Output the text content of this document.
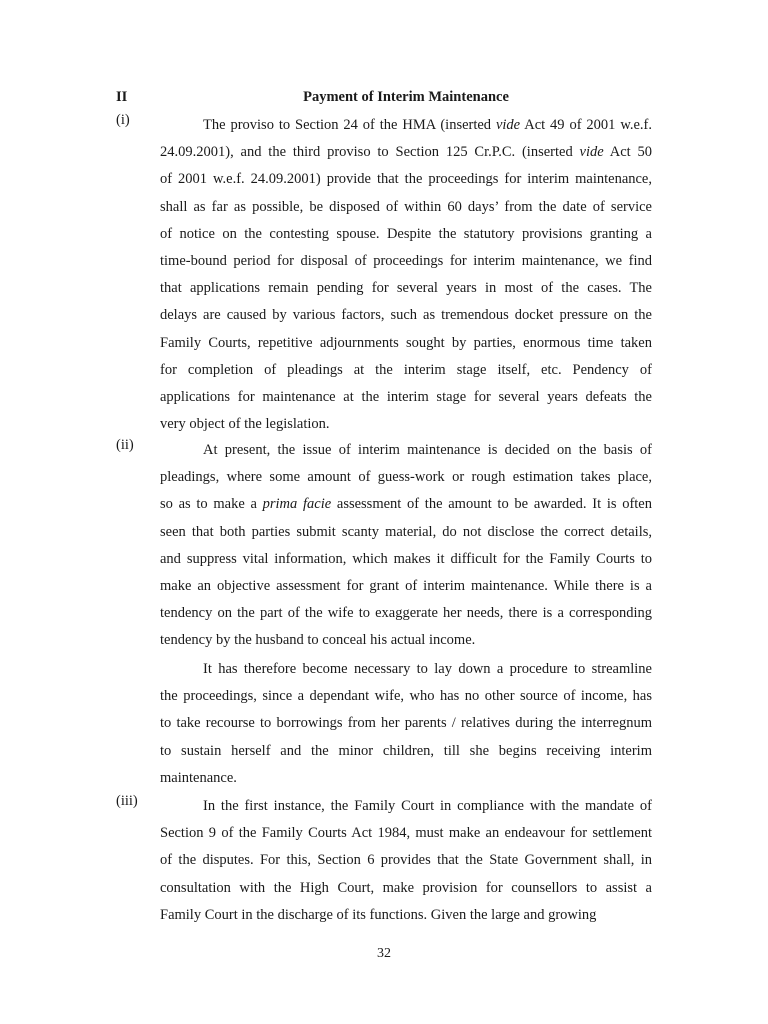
II	Payment of Interim Maintenance
(i)	The proviso to Section 24 of the HMA (inserted vide Act 49 of 2001 w.e.f.
24.09.2001), and the third proviso to Section 125 Cr.P.C. (inserted vide Act 50
of 2001 w.e.f. 24.09.2001) provide that the proceedings for interim maintenance,
shall as far as possible, be disposed of within 60 days’ from the date of service
of notice on the contesting spouse. Despite the statutory provisions granting a
time-bound period for disposal of proceedings for interim maintenance, we find
that applications remain pending for several years in most of the cases. The
delays are caused by various factors, such as tremendous docket pressure on the
Family Courts, repetitive adjournments sought by parties, enormous time taken
for completion of pleadings at the interim stage itself, etc. Pendency of
applications for maintenance at the interim stage for several years defeats the
very object of the legislation.
(ii)	At present, the issue of interim maintenance is decided on the basis of
pleadings, where some amount of guess-work or rough estimation takes place,
so as to make a prima facie assessment of the amount to be awarded. It is often
seen that both parties submit scanty material, do not disclose the correct details,
and suppress vital information, which makes it difficult for the Family Courts to
make an objective assessment for grant of interim maintenance. While there is a
tendency on the part of the wife to exaggerate her needs, there is a corresponding
tendency by the husband to conceal his actual income.
It has therefore become necessary to lay down a procedure to streamline
the proceedings, since a dependant wife, who has no other source of income, has
to take recourse to borrowings from her parents / relatives during the interregnum
to sustain herself and the minor children, till she begins receiving interim
maintenance.
(iii)	In the first instance, the Family Court in compliance with the mandate of
Section 9 of the Family Courts Act 1984, must make an endeavour for settlement
of the disputes. For this, Section 6 provides that the State Government shall, in
consultation with the High Court, make provision for counsellors to assist a
Family Court in the discharge of its functions. Given the large and growing
32
